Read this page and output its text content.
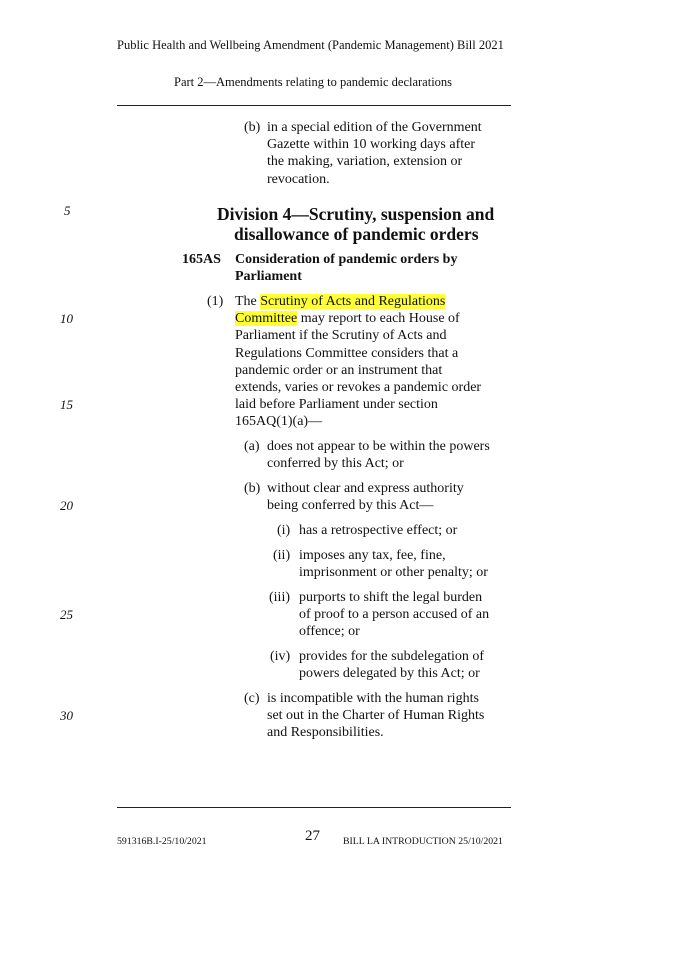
Public Health and Wellbeing Amendment (Pandemic Management) Bill 2021
Part 2—Amendments relating to pandemic declarations
5
10
15
20
25
30
(b) in a special edition of the Government
Gazette within 10 working days after
the making, variation, extension or
revocation.
Division 4—Scrutiny, suspension and
disallowance of pandemic orders
165AS Consideration of pandemic orders by
Parliament
(1) The Scrutiny of Acts and Regulations
Committee may report to each House of
Parliament if the Scrutiny of Acts and
Regulations Committee considers that a
pandemic order or an instrument that
extends, varies or revokes a pandemic order
laid before Parliament under section
165AQ(1)(a)—
(a) does not appear to be within the powers
conferred by this Act; or
(b) without clear and express authority
being conferred by this Act—
(i) has a retrospective effect; or
(ii) imposes any tax, fee, fine,
imprisonment or other penalty; or
(iii) purports to shift the legal burden
of proof to a person accused of an
offence; or
(iv) provides for the subdelegation of
powers delegated by this Act; or
(c) is incompatible with the human rights
set out in the Charter of Human Rights
and Responsibilities.
591316B.I-25/10/2021	27 BILL LA INTRODUCTION 25/10/2021
